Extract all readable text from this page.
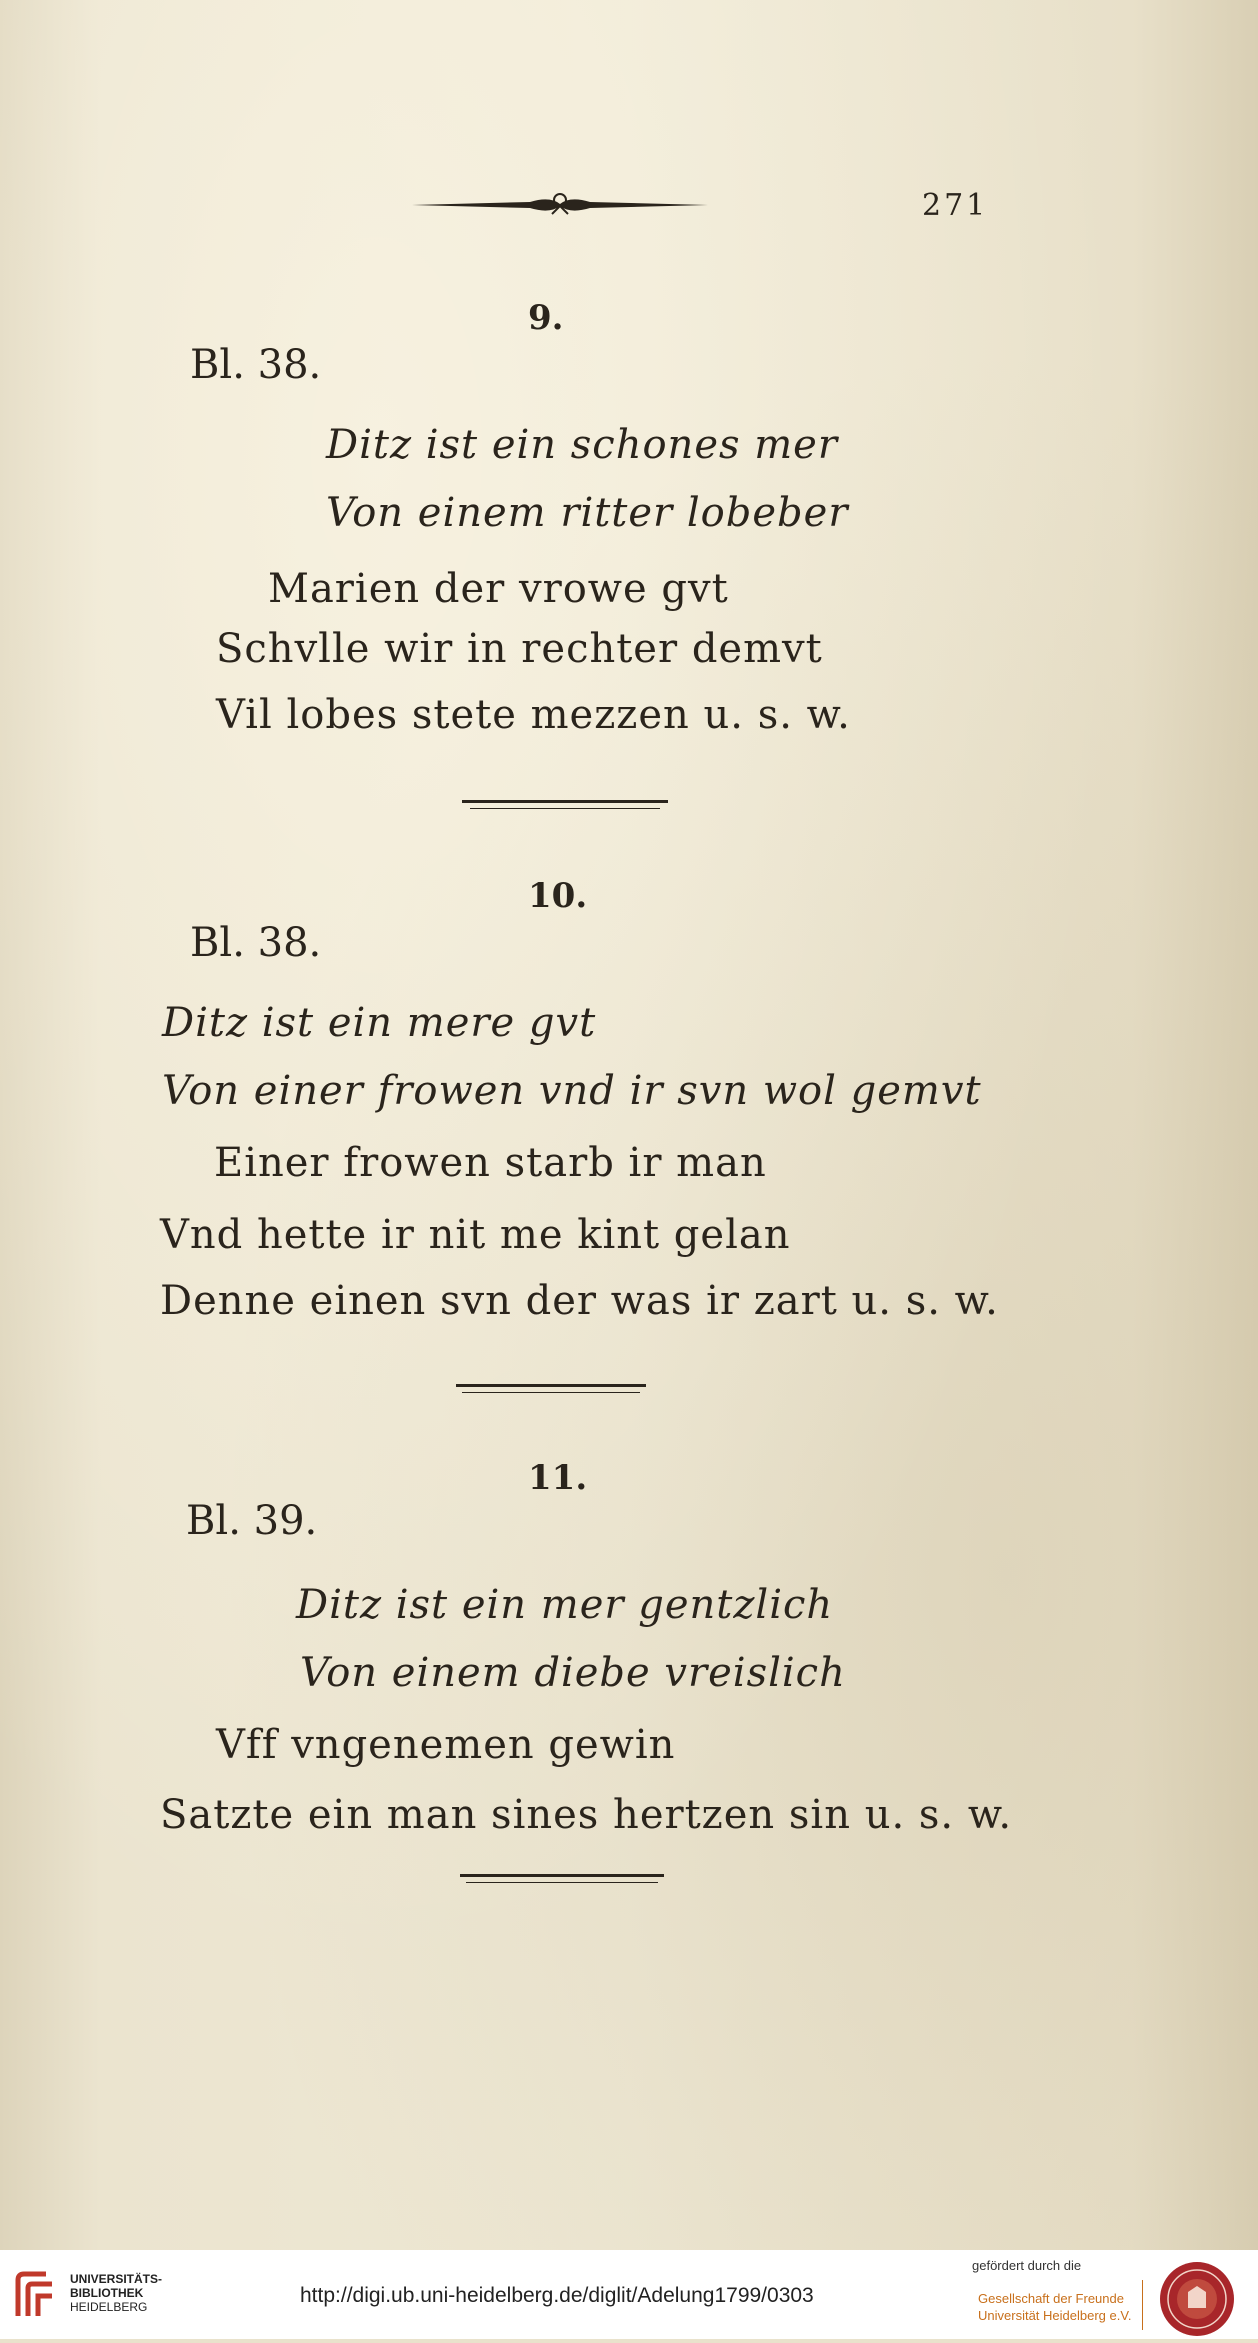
271
9.
Bl. 38.
Ditz ist ein schones mer
Von einem ritter lobeber
Marien der vrowe gvt
Schvlle wir in rechter demvt
Vil lobes stete mezzen u. s. w.
10.
Bl. 38.
Ditz ist ein mere gvt
Von einer frowen vnd ir svn wol gemvt
Einer frowen starb ir man
Vnd hette ir nit me kint gelan
Denne einen svn der was ir zart u. s. w.
11.
Bl. 39.
Ditz ist ein mer gentzlich
Von einem diebe vreislich
Vff vngenemen gewin
Satzte ein man sines hertzen sin u. s. w.
UNIVERSITÄTS-
BIBLIOTHEK
HEIDELBERG	http://digi.ub.uni-heidelberg.de/diglit/Adelung1799/0303
gefördert durch die
Gesellschaft der Freunde
Universität Heidelberg e.V.
